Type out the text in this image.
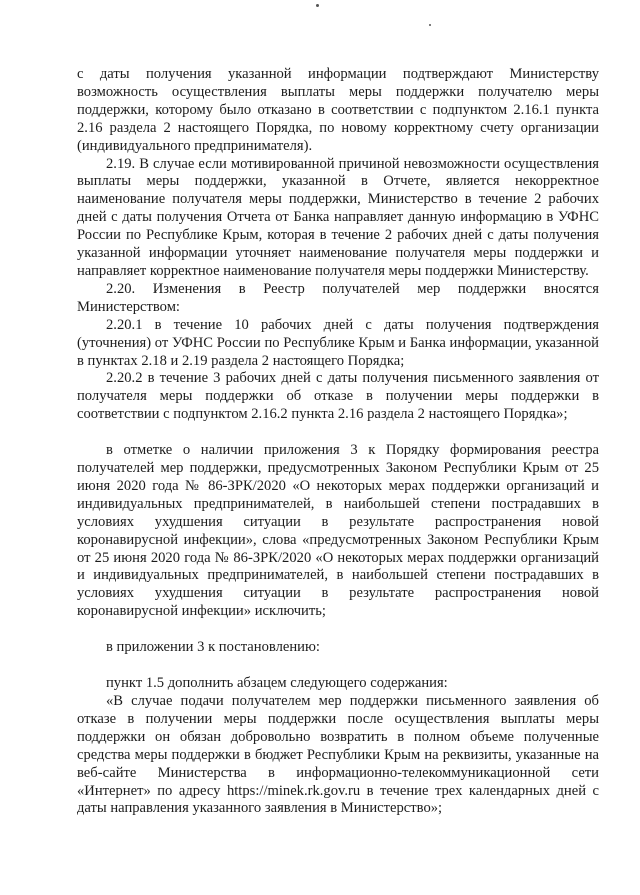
с даты получения указанной информации подтверждают Министерству возможность осуществления выплаты меры поддержки получателю меры поддержки, которому было отказано в соответствии с подпунктом 2.16.1 пункта 2.16 раздела 2 настоящего Порядка, по новому корректному счету организации (индивидуального предпринимателя).

2.19. В случае если мотивированной причиной невозможности осуществления выплаты меры поддержки, указанной в Отчете, является некорректное наименование получателя меры поддержки, Министерство в течение 2 рабочих дней с даты получения Отчета от Банка направляет данную информацию в УФНС России по Республике Крым, которая в течение 2 рабочих дней с даты получения указанной информации уточняет наименование получателя меры поддержки и направляет корректное наименование получателя меры поддержки Министерству.

2.20. Изменения в Реестр получателей мер поддержки вносятся Министерством:

2.20.1 в течение 10 рабочих дней с даты получения подтверждения (уточнения) от УФНС России по Республике Крым и Банка информации, указанной в пунктах 2.18 и 2.19 раздела 2 настоящего Порядка;

2.20.2 в течение 3 рабочих дней с даты получения письменного заявления от получателя меры поддержки об отказе в получении меры поддержки в соответствии с подпунктом 2.16.2 пункта 2.16 раздела 2 настоящего Порядка»;

в отметке о наличии приложения 3 к Порядку формирования реестра получателей мер поддержки, предусмотренных Законом Республики Крым от 25 июня 2020 года № 86-ЗРК/2020 «О некоторых мерах поддержки организаций и индивидуальных предпринимателей, в наибольшей степени пострадавших в условиях ухудшения ситуации в результате распространения новой коронавирусной инфекции», слова «предусмотренных Законом Республики Крым от 25 июня 2020 года № 86-ЗРК/2020 «О некоторых мерах поддержки организаций и индивидуальных предпринимателей, в наибольшей степени пострадавших в условиях ухудшения ситуации в результате распространения новой коронавирусной инфекции» исключить;

в приложении 3 к постановлению:

пункт 1.5 дополнить абзацем следующего содержания:

«В случае подачи получателем мер поддержки письменного заявления об отказе в получении меры поддержки после осуществления выплаты меры поддержки он обязан добровольно возвратить в полном объеме полученные средства меры поддержки в бюджет Республики Крым на реквизиты, указанные на веб-сайте Министерства в информационно-телекоммуникационной сети «Интернет» по адресу https://minek.rk.gov.ru в течение трех календарных дней с даты направления указанного заявления в Министерство»;
